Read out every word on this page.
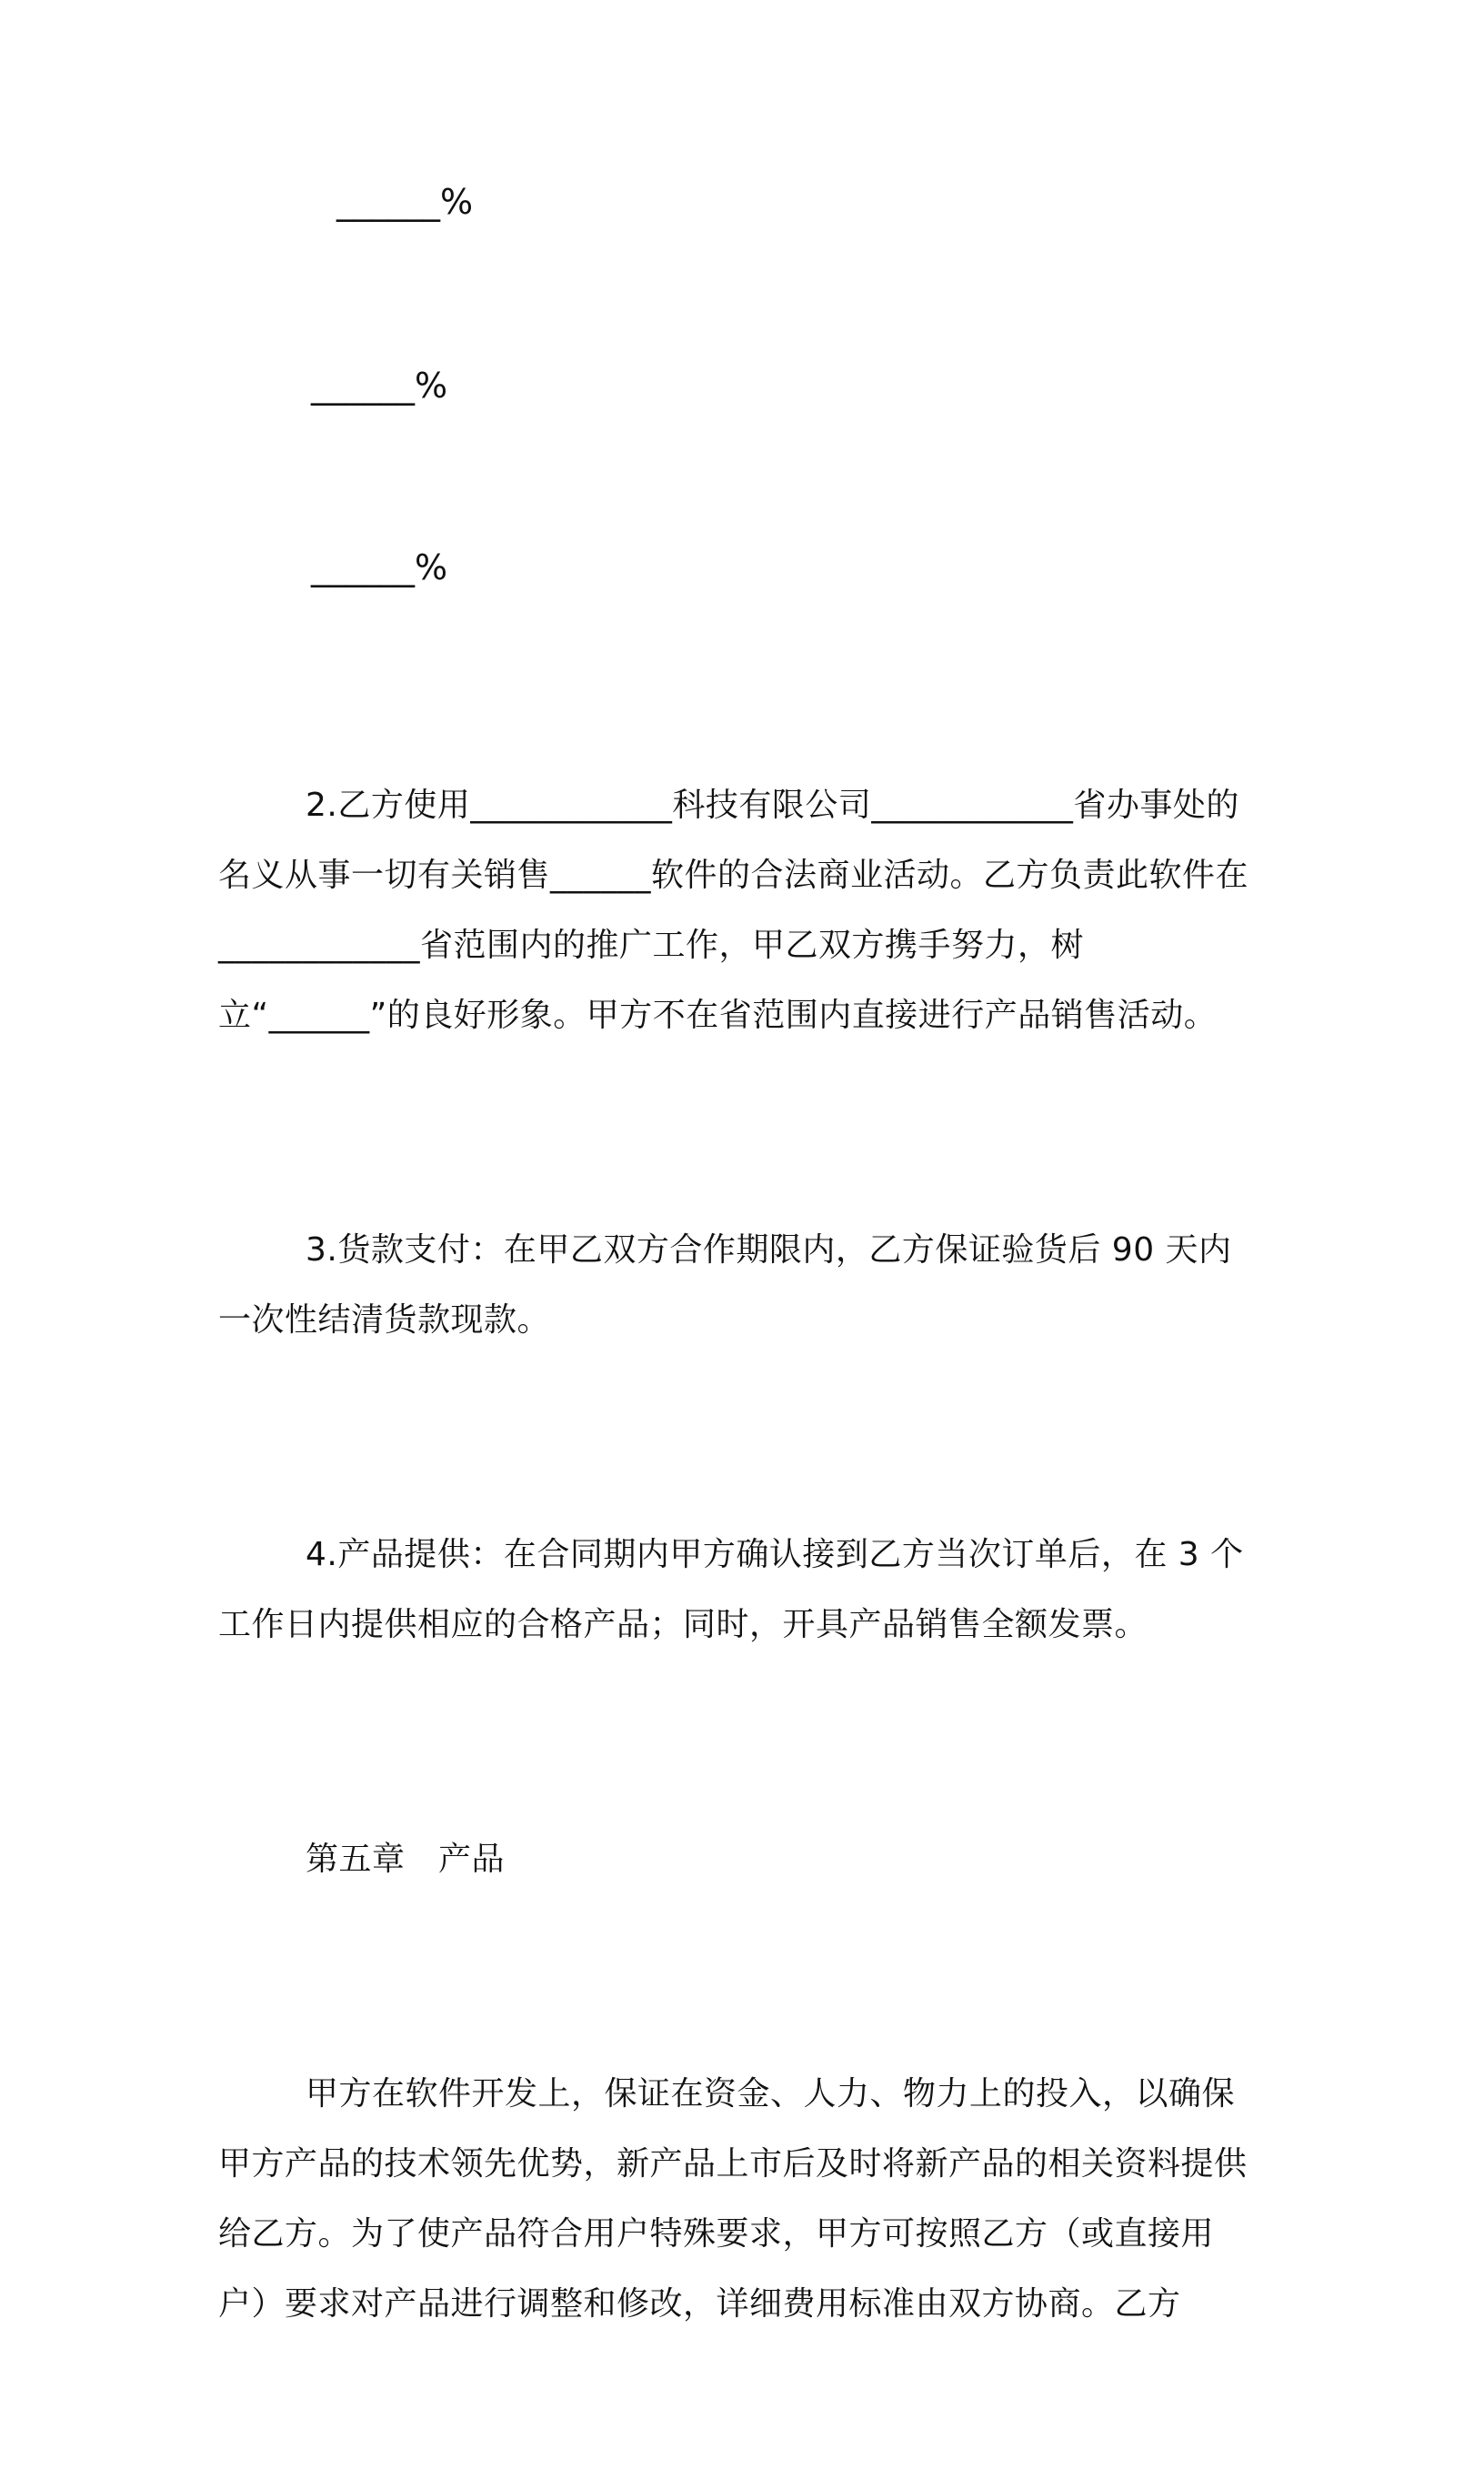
______%
______%
______%

2.乙方使用____________科技有限公司____________省办事处的名义从事一切有关销售______软件的合法商业活动。乙方负责此软件在____________省范围内的推广工作，甲乙双方携手努力，树立“______”的良好形象。甲方不在省范围内直接进行产品销售活动。

3.货款支付：在甲乙双方合作期限内，乙方保证验货后 90 天内一次性结清货款现款。

4.产品提供：在合同期内甲方确认接到乙方当次订单后，在 3 个工作日内提供相应的合格产品；同时，开具产品销售全额发票。

第五章　产品

甲方在软件开发上，保证在资金、人力、物力上的投入，以确保甲方产品的技术领先优势，新产品上市后及时将新产品的相关资料提供给乙方。为了使产品符合用户特殊要求，甲方可按照乙方（或直接用户）要求对产品进行调整和修改，详细费用标准由双方协商。乙方
